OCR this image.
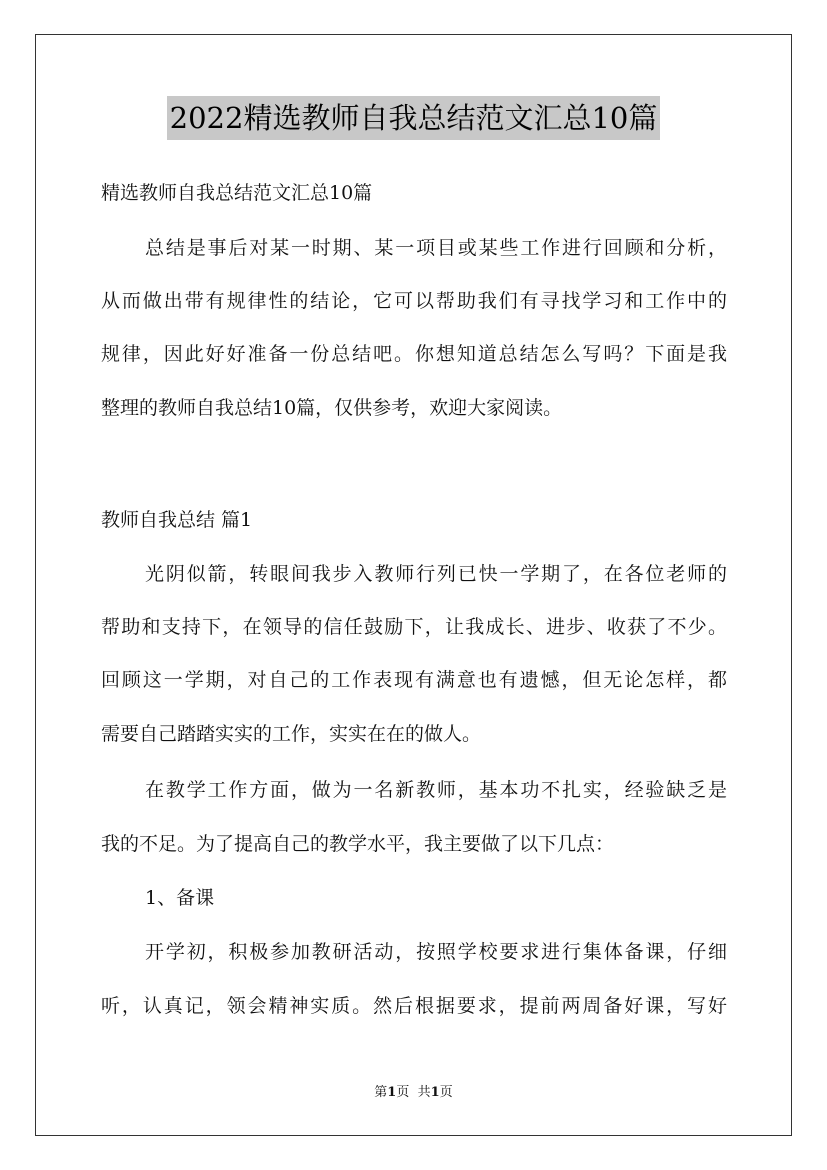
2022精选教师自我总结范文汇总10篇
精选教师自我总结范文汇总10篇
总结是事后对某一时期、某一项目或某些工作进行回顾和分析，
从而做出带有规律性的结论，它可以帮助我们有寻找学习和工作中的
规律，因此好好准备一份总结吧。你想知道总结怎么写吗？下面是我
整理的教师自我总结10篇，仅供参考，欢迎大家阅读。
教师自我总结 篇1
光阴似箭，转眼间我步入教师行列已快一学期了，在各位老师的
帮助和支持下，在领导的信任鼓励下，让我成长、进步、收获了不少。
回顾这一学期，对自己的工作表现有满意也有遗憾，但无论怎样，都
需要自己踏踏实实的工作，实实在在的做人。
在教学工作方面，做为一名新教师，基本功不扎实，经验缺乏是
我的不足。为了提高自己的教学水平，我主要做了以下几点：
1、备课
开学初，积极参加教研活动，按照学校要求进行集体备课，仔细
听，认真记，领会精神实质。然后根据要求，提前两周备好课，写好
第1页 共1页
